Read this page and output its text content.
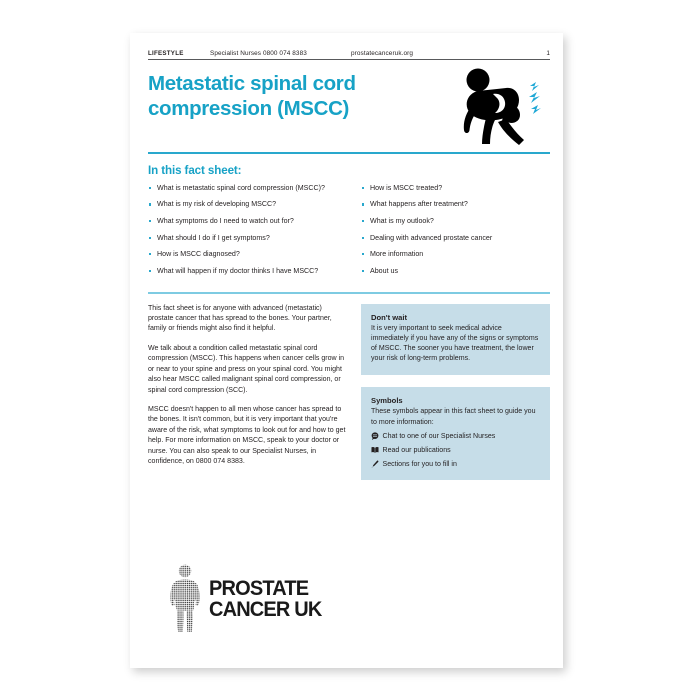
LIFESTYLE	Specialist Nurses 0800 074 8383	prostatecanceruk.org	1
Metastatic spinal cord compression (MSCC)
In this fact sheet:
What is metastatic spinal cord compression (MSCC)?
What is my risk of developing MSCC?
What symptoms do I need to watch out for?
What should I do if I get symptoms?
How is MSCC diagnosed?
What will happen if my doctor thinks I have MSCC?
How is MSCC treated?
What happens after treatment?
What is my outlook?
Dealing with advanced prostate cancer
More information
About us

This fact sheet is for anyone with advanced (metastatic) prostate cancer that has spread to the bones. Your partner, family or friends might also find it helpful.

We talk about a condition called metastatic spinal cord compression (MSCC). This happens when cancer cells grow in or near to your spine and press on your spinal cord. You might also hear MSCC called malignant spinal cord compression, or spinal cord compression (SCC).

MSCC doesn't happen to all men whose cancer has spread to the bones. It isn't common, but it is very important that you're aware of the risk, what symptoms to look out for and how to get help. For more information on MSCC, speak to your doctor or nurse. You can also speak to our Specialist Nurses, in confidence, on 0800 074 8383.

Don't wait

It is very important to seek medical advice immediately if you have any of the signs or symptoms of MSCC. The sooner you have treatment, the lower your risk of long-term problems.

Symbols

These symbols appear in this fact sheet to guide you to more information:

Chat to one of our Specialist Nurses
Read our publications
Sections for you to fill in
PROSTATE
CANCER UK
